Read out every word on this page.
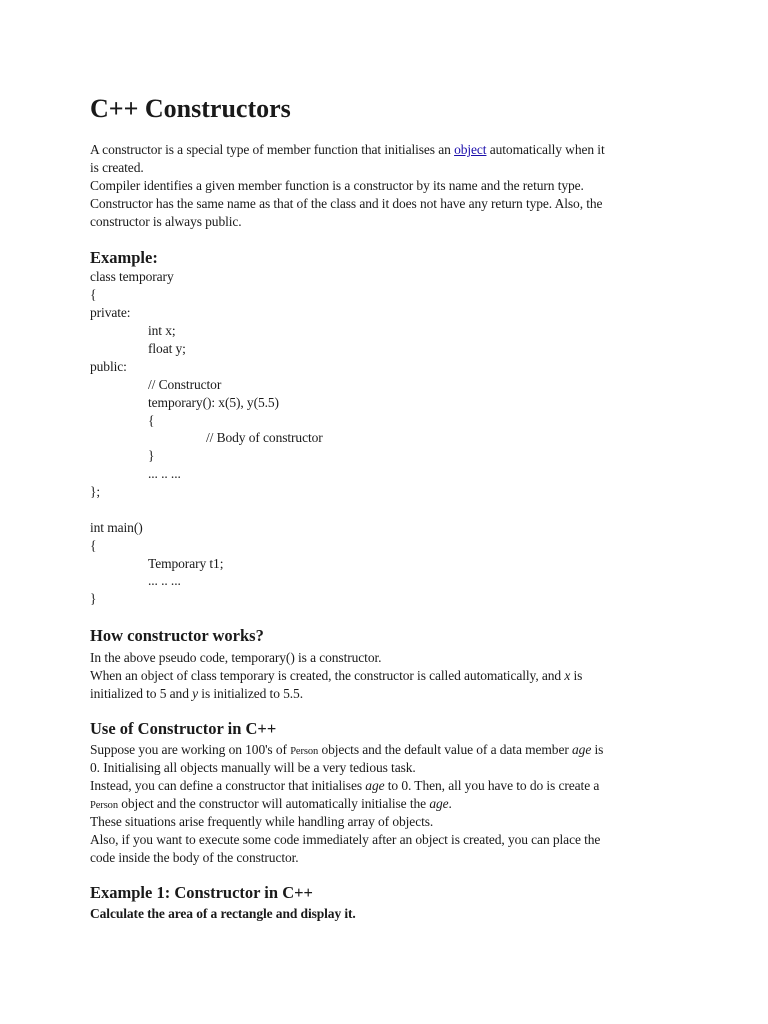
C++ Constructors
A constructor is a special type of member function that initialises an object automatically when it
is created.
Compiler identifies a given member function is a constructor by its name and the return type.
Constructor has the same name as that of the class and it does not have any return type. Also, the
constructor is always public.
Example:
class temporary
{
private:
int x;
float y;
public:
// Constructor
temporary(): x(5), y(5.5)
{
// Body of constructor
}
... .. ...
};
int main()
{
Temporary t1;
... .. ...
}
How constructor works?
In the above pseudo code, temporary() is a constructor.
When an object of class temporary is created, the constructor is called automatically, and x is
initialized to 5 and y is initialized to 5.5.
Use of Constructor in C++
Suppose you are working on 100's of Person objects and the default value of a data member age is
0. Initialising all objects manually will be a very tedious task.
Instead, you can define a constructor that initialises age to 0. Then, all you have to do is create a
Person object and the constructor will automatically initialise the age.
These situations arise frequently while handling array of objects.
Also, if you want to execute some code immediately after an object is created, you can place the
code inside the body of the constructor.
Example 1: Constructor in C++
Calculate the area of a rectangle and display it.
